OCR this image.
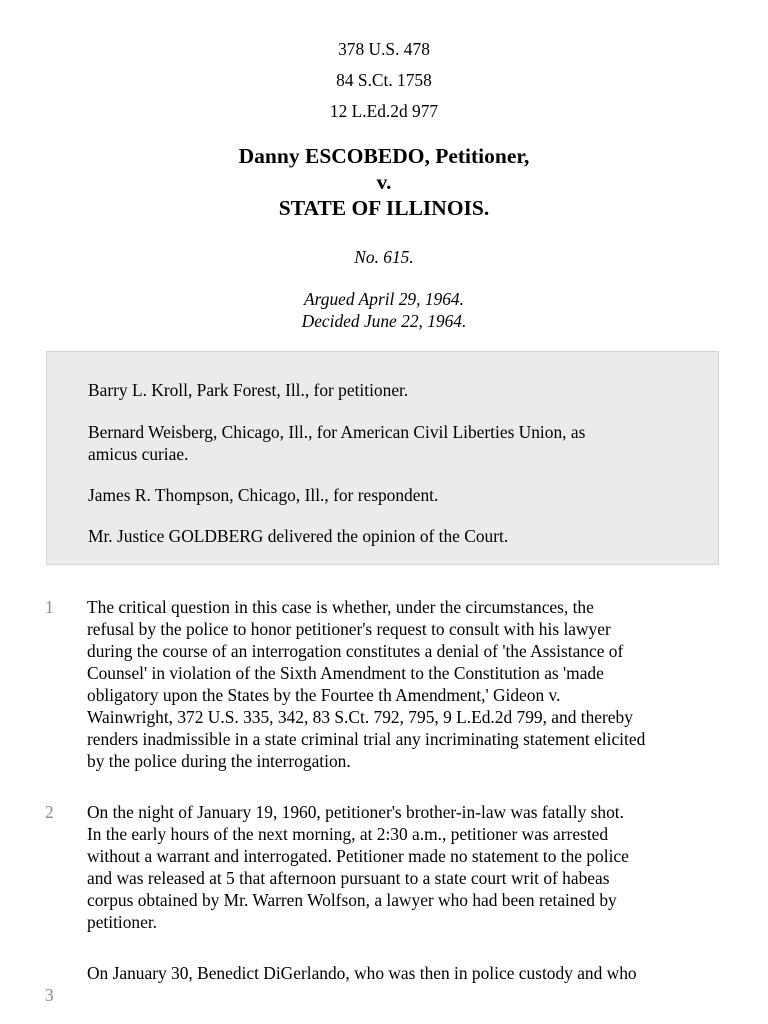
378 U.S. 478
84 S.Ct. 1758
12 L.Ed.2d 977
Danny ESCOBEDO, Petitioner,
v.
STATE OF ILLINOIS.
No. 615.
Argued April 29, 1964.
Decided June 22, 1964.
Barry L. Kroll, Park Forest, Ill., for petitioner.
Bernard Weisberg, Chicago, Ill., for American Civil Liberties Union, as
amicus curiae.
James R. Thompson, Chicago, Ill., for respondent.
Mr. Justice GOLDBERG delivered the opinion of the Court.
1 The critical question in this case is whether, under the circumstances, the
refusal by the police to honor petitioner's request to consult with his lawyer
during the course of an interrogation constitutes a denial of 'the Assistance of
Counsel' in violation of the Sixth Amendment to the Constitution as 'made
obligatory upon the States by the Fourtee th Amendment,' Gideon v.
Wainwright, 372 U.S. 335, 342, 83 S.Ct. 792, 795, 9 L.Ed.2d 799, and thereby
renders inadmissible in a state criminal trial any incriminating statement elicited
by the police during the interrogation.
2 On the night of January 19, 1960, petitioner's brother-in-law was fatally shot.
In the early hours of the next morning, at 2:30 a.m., petitioner was arrested
without a warrant and interrogated. Petitioner made no statement to the police
and was released at 5 that afternoon pursuant to a state court writ of habeas
corpus obtained by Mr. Warren Wolfson, a lawyer who had been retained by
petitioner.
3
On January 30, Benedict DiGerlando, who was then in police custody and who
